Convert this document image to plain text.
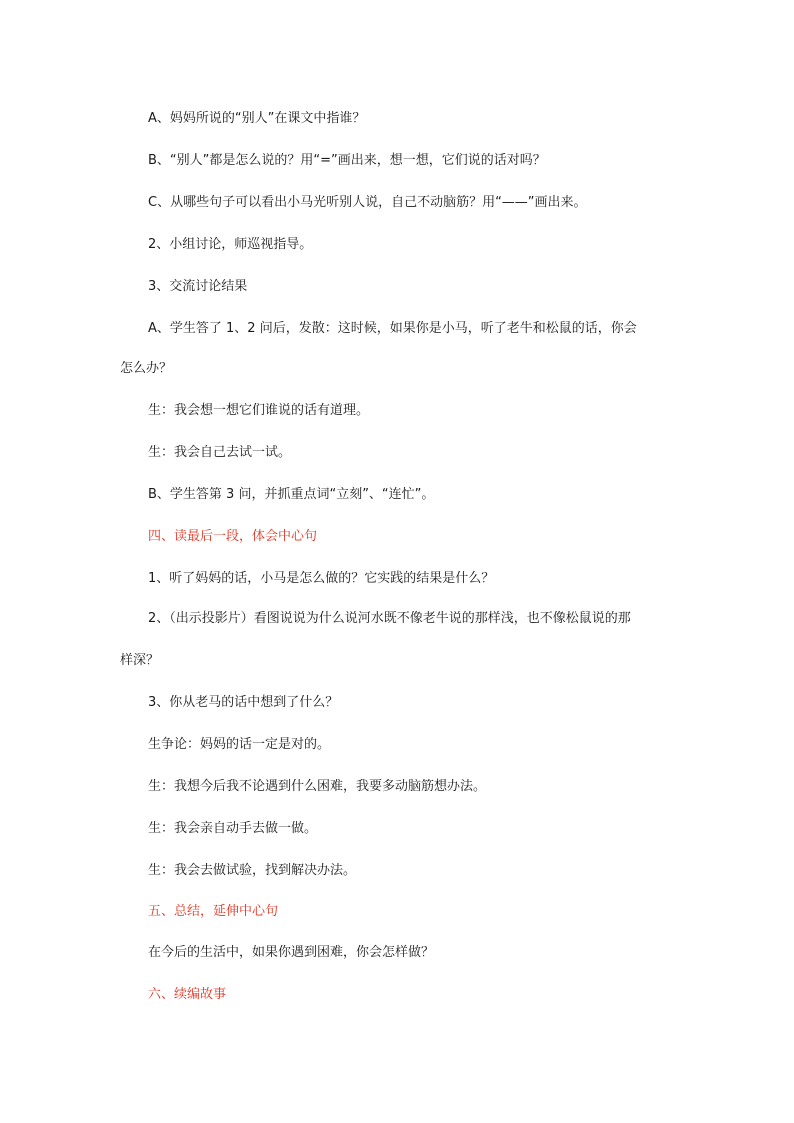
A、妈妈所说的“别人”在课文中指谁？
B、“别人”都是怎么说的？用“=”画出来，想一想，它们说的话对吗？
C、从哪些句子可以看出小马光听别人说，自己不动脑筋？用“——”画出来。
2、小组讨论，师巡视指导。
3、交流讨论结果
A、学生答了 1、2 问后，发散：这时候，如果你是小马，听了老牛和松鼠的话，你会
怎么办？
生：我会想一想它们谁说的话有道理。
生：我会自己去试一试。
B、学生答第 3 问，并抓重点词“立刻”、“连忙”。
四、读最后一段，体会中心句
1、听了妈妈的话，小马是怎么做的？它实践的结果是什么？
2、（出示投影片）看图说说为什么说河水既不像老牛说的那样浅，也不像松鼠说的那
样深？
3、你从老马的话中想到了什么？
生争论：妈妈的话一定是对的。
生：我想今后我不论遇到什么困难，我要多动脑筋想办法。
生：我会亲自动手去做一做。
生：我会去做试验，找到解决办法。
五、总结，延伸中心句
在今后的生活中，如果你遇到困难，你会怎样做？
六、续编故事
